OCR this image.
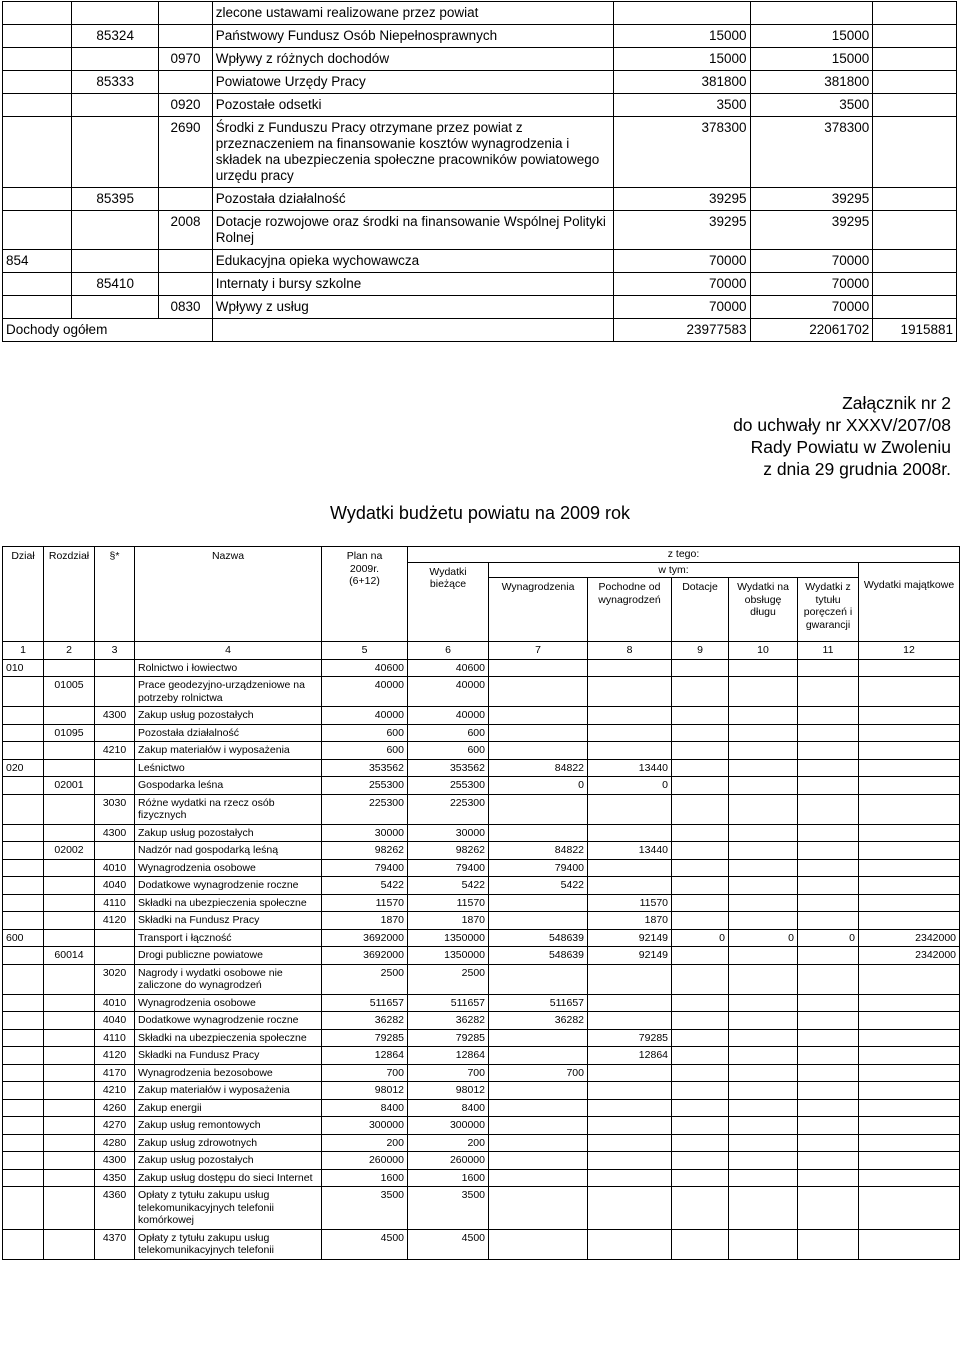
			zlecone ustawami realizowane przez powiat			
	85324		Państwowy Fundusz Osób Niepełnosprawnych	15000	15000	
		0970	Wpływy z różnych dochodów	15000	15000	
	85333		Powiatowe Urzędy Pracy	381800	381800	
		0920	Pozostałe odsetki	3500	3500	
		2690	Środki z Funduszu Pracy otrzymane przez powiat z przeznaczeniem na finansowanie kosztów wynagrodzenia i składek na ubezpieczenia społeczne pracowników powiatowego urzędu pracy	378300	378300	
	85395		Pozostała działalność	39295	39295	
		2008	Dotacje rozwojowe oraz środki na finansowanie Wspólnej Polityki Rolnej	39295	39295	
854			Edukacyjna opieka wychowawcza	70000	70000	
	85410		Internaty i bursy szkolne	70000	70000	
		0830	Wpływy z usług	70000	70000	
Dochody ogółem				23977583	22061702	1915881
Załącznik nr 2
do uchwały nr XXXV/207/08
Rady Powiatu w Zwoleniu
z dnia 29 grudnia 2008r.
Wydatki budżetu powiatu na 2009 rok
Dział	Rozdział	§*	Nazwa	Plan na 2009r. (6+12)	z tego:						
					Wydatki bieżące	w tym:					Wydatki majątkowe
						Wynagrodzenia	Pochodne od wynagrodzeń	Dotacje	Wydatki na obsługę długu	Wydatki z tytułu poręczeń i gwarancji	
1	2	3	4	5	6	7	8	9	10	11	12
010			Rolnictwo i łowiectwo	40600	40600						
	01005		Prace geodezyjno-urządzeniowe na potrzeby rolnictwa	40000	40000						
		4300	Zakup usług pozostałych	40000	40000						
	01095		Pozostała działalność	600	600						
		4210	Zakup materiałów i wyposażenia	600	600						
020			Leśnictwo	353562	353562	84822	13440				
	02001		Gospodarka leśna	255300	255300	0	0				
		3030	Różne wydatki na rzecz osób fizycznych	225300	225300						
		4300	Zakup usług pozostałych	30000	30000						
	02002		Nadzór nad gospodarką leśną	98262	98262	84822	13440				
		4010	Wynagrodzenia osobowe	79400	79400	79400					
		4040	Dodatkowe wynagrodzenie roczne	5422	5422	5422					
		4110	Składki na ubezpieczenia społeczne	11570	11570		11570				
		4120	Składki na Fundusz Pracy	1870	1870		1870				
600			Transport i łączność	3692000	1350000	548639	92149	0	0	0	2342000
	60014		Drogi publiczne powiatowe	3692000	1350000	548639	92149				2342000
		3020	Nagrody i wydatki osobowe nie zaliczone do wynagrodzeń	2500	2500						
		4010	Wynagrodzenia osobowe	511657	511657	511657					
		4040	Dodatkowe wynagrodzenie roczne	36282	36282	36282					
		4110	Składki na ubezpieczenia społeczne	79285	79285		79285				
		4120	Składki na Fundusz Pracy	12864	12864		12864				
		4170	Wynagrodzenia bezosobowe	700	700	700					
		4210	Zakup materiałów i wyposażenia	98012	98012						
		4260	Zakup energii	8400	8400						
		4270	Zakup usług remontowych	300000	300000						
		4280	Zakup usług zdrowotnych	200	200						
		4300	Zakup usług pozostałych	260000	260000						
		4350	Zakup usług dostępu do sieci Internet	1600	1600						
		4360	Opłaty z tytułu zakupu usług telekomunikacyjnych telefonii komórkowej	3500	3500						
		4370	Opłaty z tytułu zakupu usług telekomunikacyjnych telefonii	4500	4500						
